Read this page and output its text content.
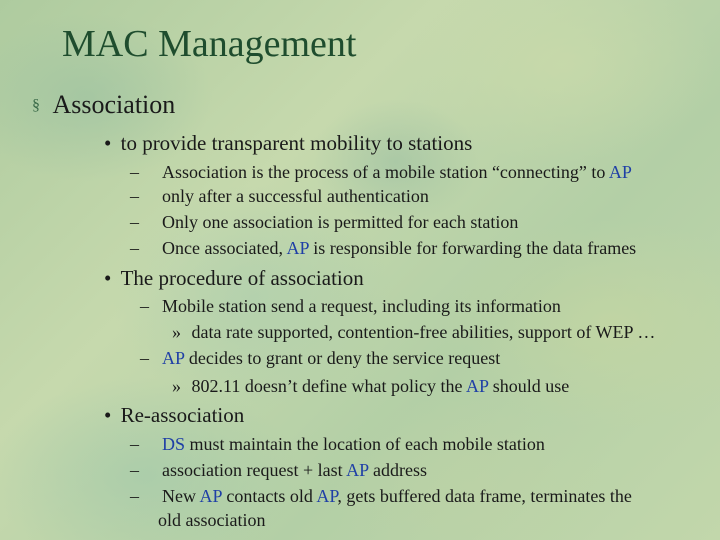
MAC Management
§ Association
• to provide transparent mobility to stations
– Association is the process of a mobile station “connecting” to AP
– only after a successful authentication
– Only one association is permitted for each station
– Once associated, AP is responsible for forwarding the data frames
• The procedure of association
– Mobile station send a request, including its information
» data rate supported, contention-free abilities, support of WEP …
– AP decides to grant or deny the service request
» 802.11 doesn’t define what policy the AP should use
• Re-association
– DS must maintain the location of each mobile station
– association request + last AP address
– New AP contacts old AP, gets buffered data frame, terminates the
old association
